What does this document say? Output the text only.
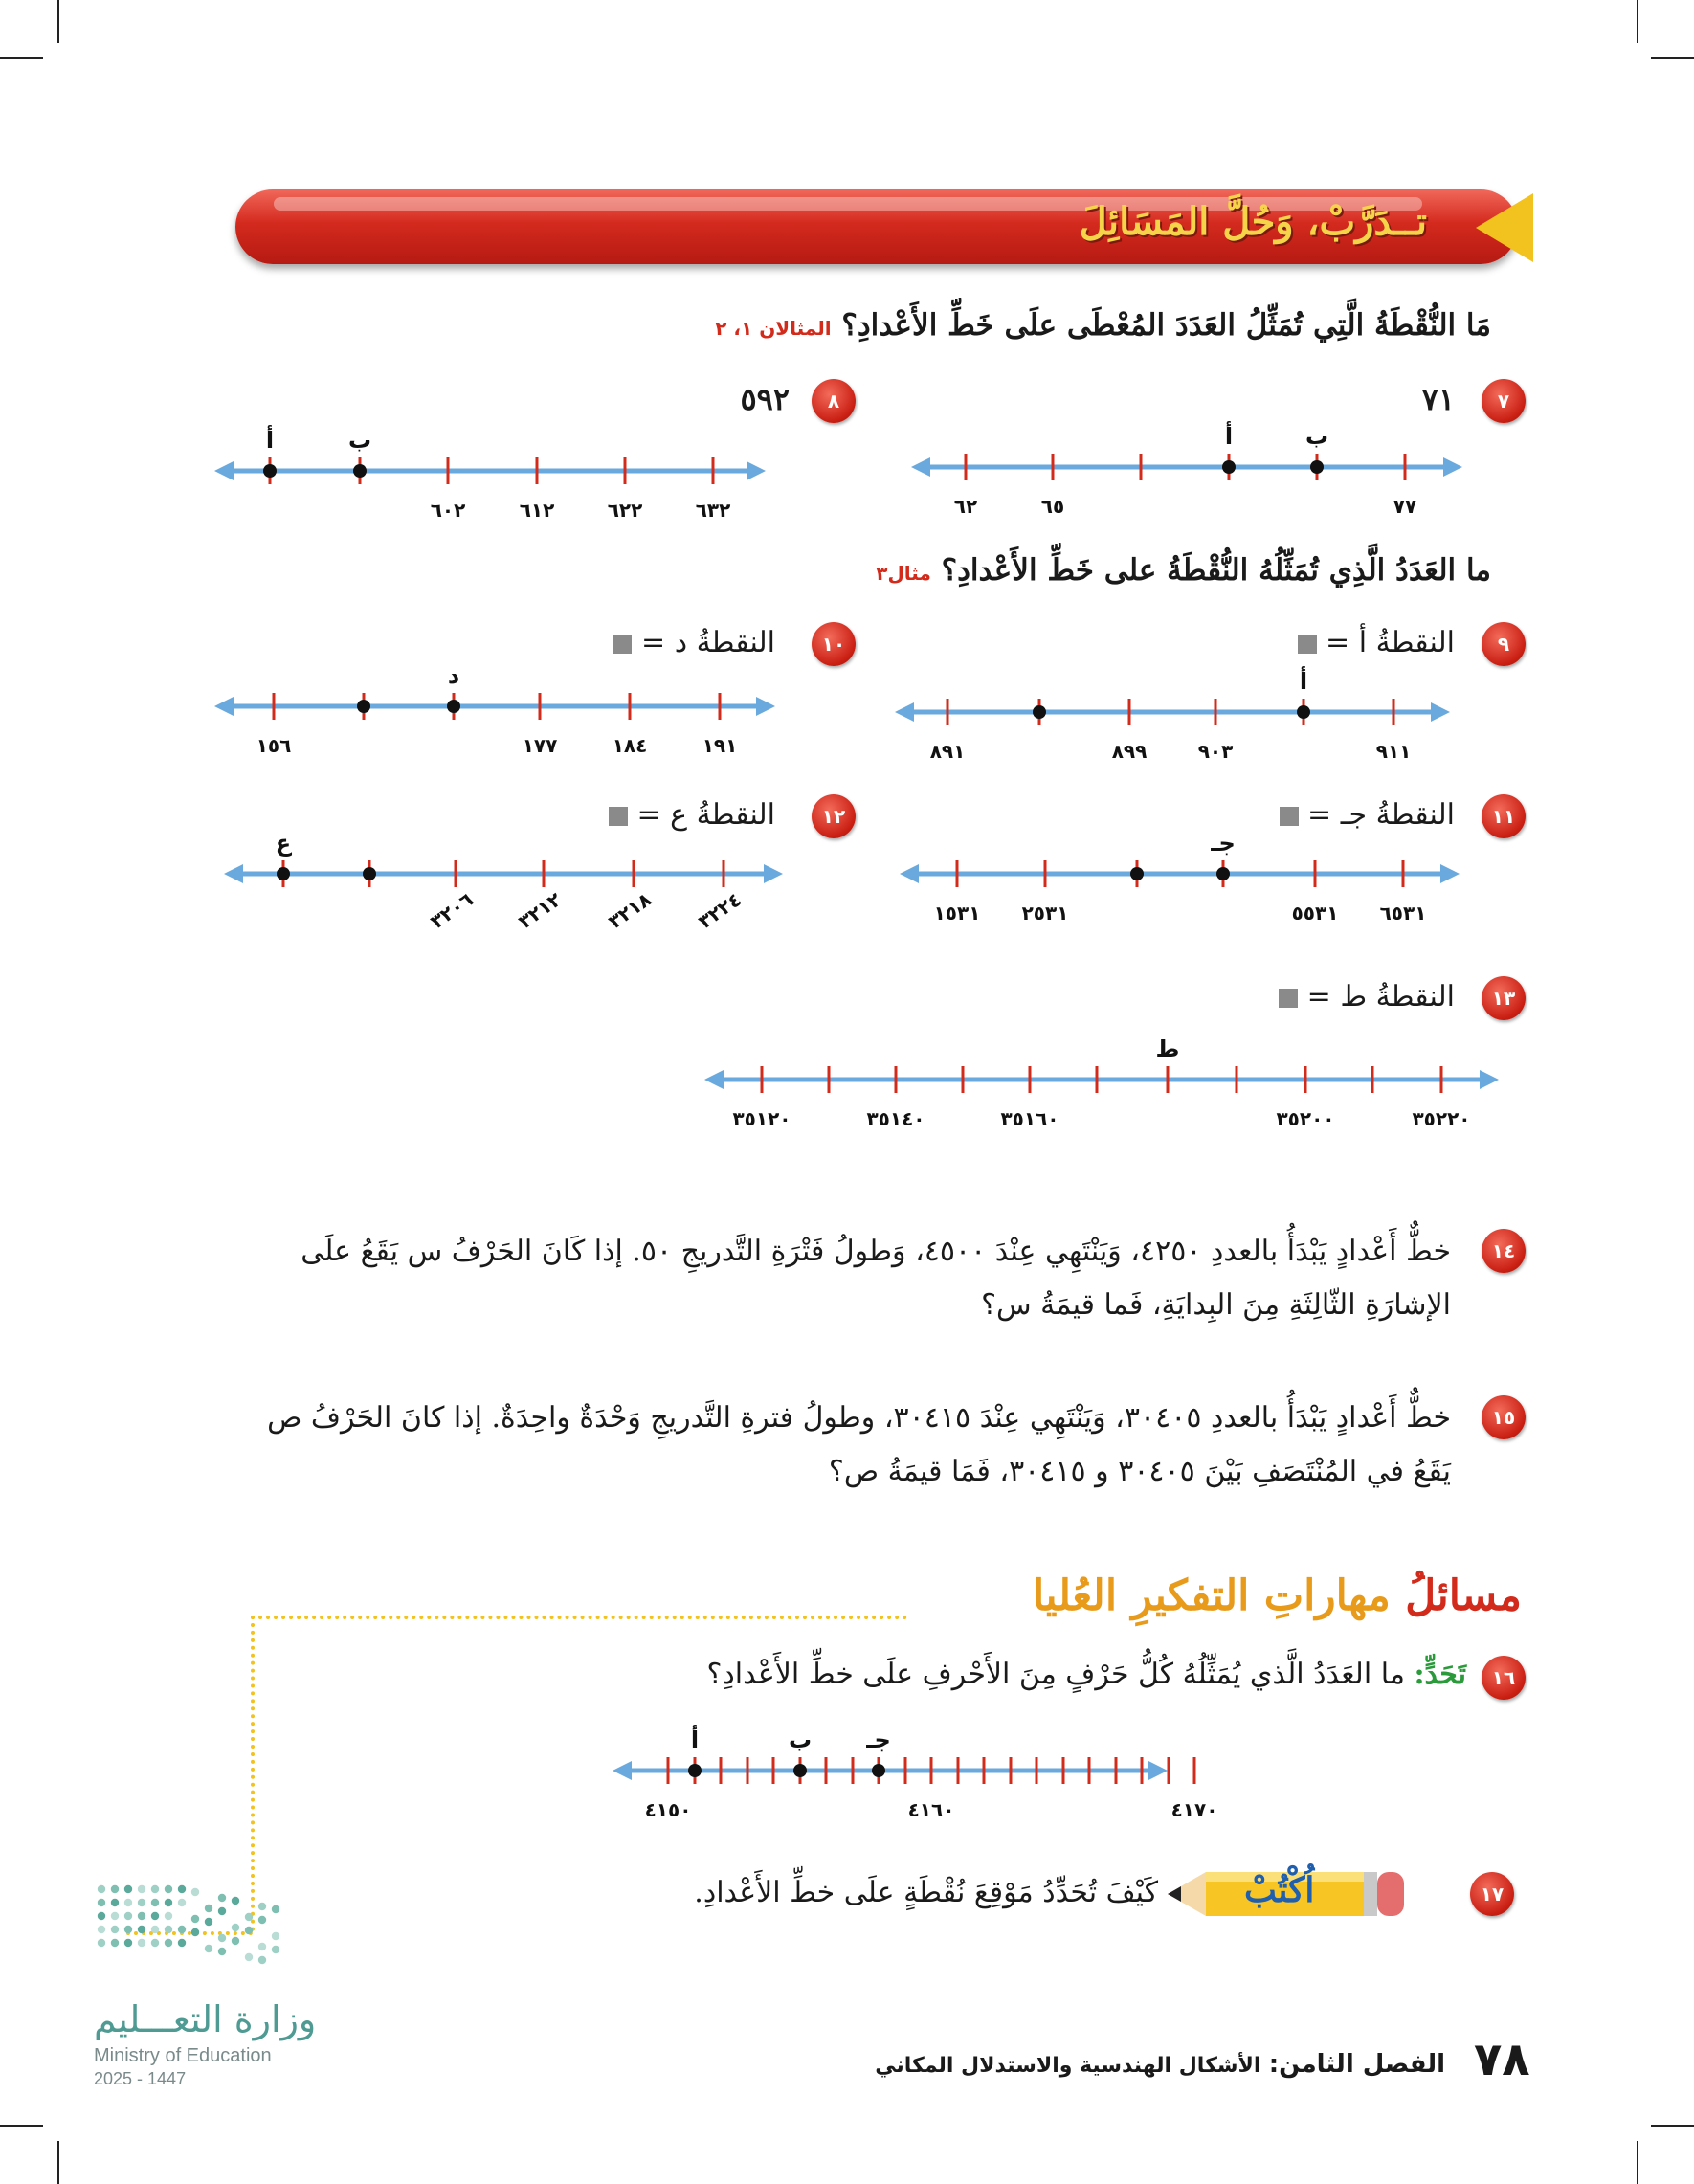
تــدَرَّبْ، وَحُلَّ المَسَائِلَ
مَا النُّقْطَةُ الَّتِي تُمَثِّلُ العَدَدَ المُعْطَى علَى خَطِّ الأَعْدادِ؟ المثالان ١، ٢
٧
٧١
٨
٥٩٢
ما العَدَدُ الَّذِي تُمَثِّلُهُ النُّقْطَةُ على خَطِّ الأَعْدادِ؟ مثال٣
٩
النقطةُ أ =
١٠
النقطةُ د =
١١
النقطةُ جـ =
١٢
النقطةُ ع =
١٣
النقطةُ ط =
أ	ب
٦٢	٦٥	٧٧
أ	ب
٦٠٢	٦١٢	٦٢٢	٦٣٢
أ
٨٩١	٨٩٩	٩٠٣	٩١١
د
١٥٦	١٧٧	١٨٤	١٩١
جـ
١٥٣١ ٢٥٣١	٥٥٣١ ٦٥٣١
ع
٣٢٠٦ ٣٢١٢ ٣٢١٨ ٣٢٢٤
ط
٣٥١٢٠	٣٥١٤٠	٣٥١٦٠	٣٥٢٠٠	٣٥٢٢٠
أ	ب جـ
٤١٥٠	٤١٦٠	٤١٧٠
١٤
خطٌّ أَعْدادٍ يَبْدَأُ بالعددِ ٤٢٥٠، وَيَنْتَهِي عِنْدَ ٤٥٠٠، وَطولُ فَتْرَةِ التَّدريجِ ٥٠. إذا كَانَ الحَرْفُ س يَقَعُ علَى الإشارَةِ الثّالِثَةِ مِنَ البِدايَةِ، فَما قيمَةُ س؟
١٥
خطٌّ أَعْدادٍ يَبْدَأُ بالعددِ ٣٠٤٠٥، وَيَنْتَهِي عِنْدَ ٣٠٤١٥، وطولُ فترةِ التَّدريجِ وَحْدَةٌ واحِدَةٌ. إذا كانَ الحَرْفُ ص يَقَعُ في المُنْتَصَفِ بَيْنَ ٣٠٤٠٥ و ٣٠٤١٥، فَمَا قيمَةُ ص؟
مسائلُ مهاراتِ التفكيرِ العُليا
١٦
تَحَدٍّ: ما العَدَدُ الَّذي يُمَثِّلُهُ كُلُّ حَرْفٍ مِنَ الأَحْرفِ علَى خطِّ الأَعْدادِ؟
١٧
اُكْتُبْ
كَيْفَ تُحَدِّدُ مَوْقِعَ نُقْطَةٍ علَى خطِّ الأَعْدادِ.
وزارة التعـــليم
Ministry of Education
2025 - 1447	٧٨
الفصل الثامن: الأشكال الهندسية والاستدلال المكاني
